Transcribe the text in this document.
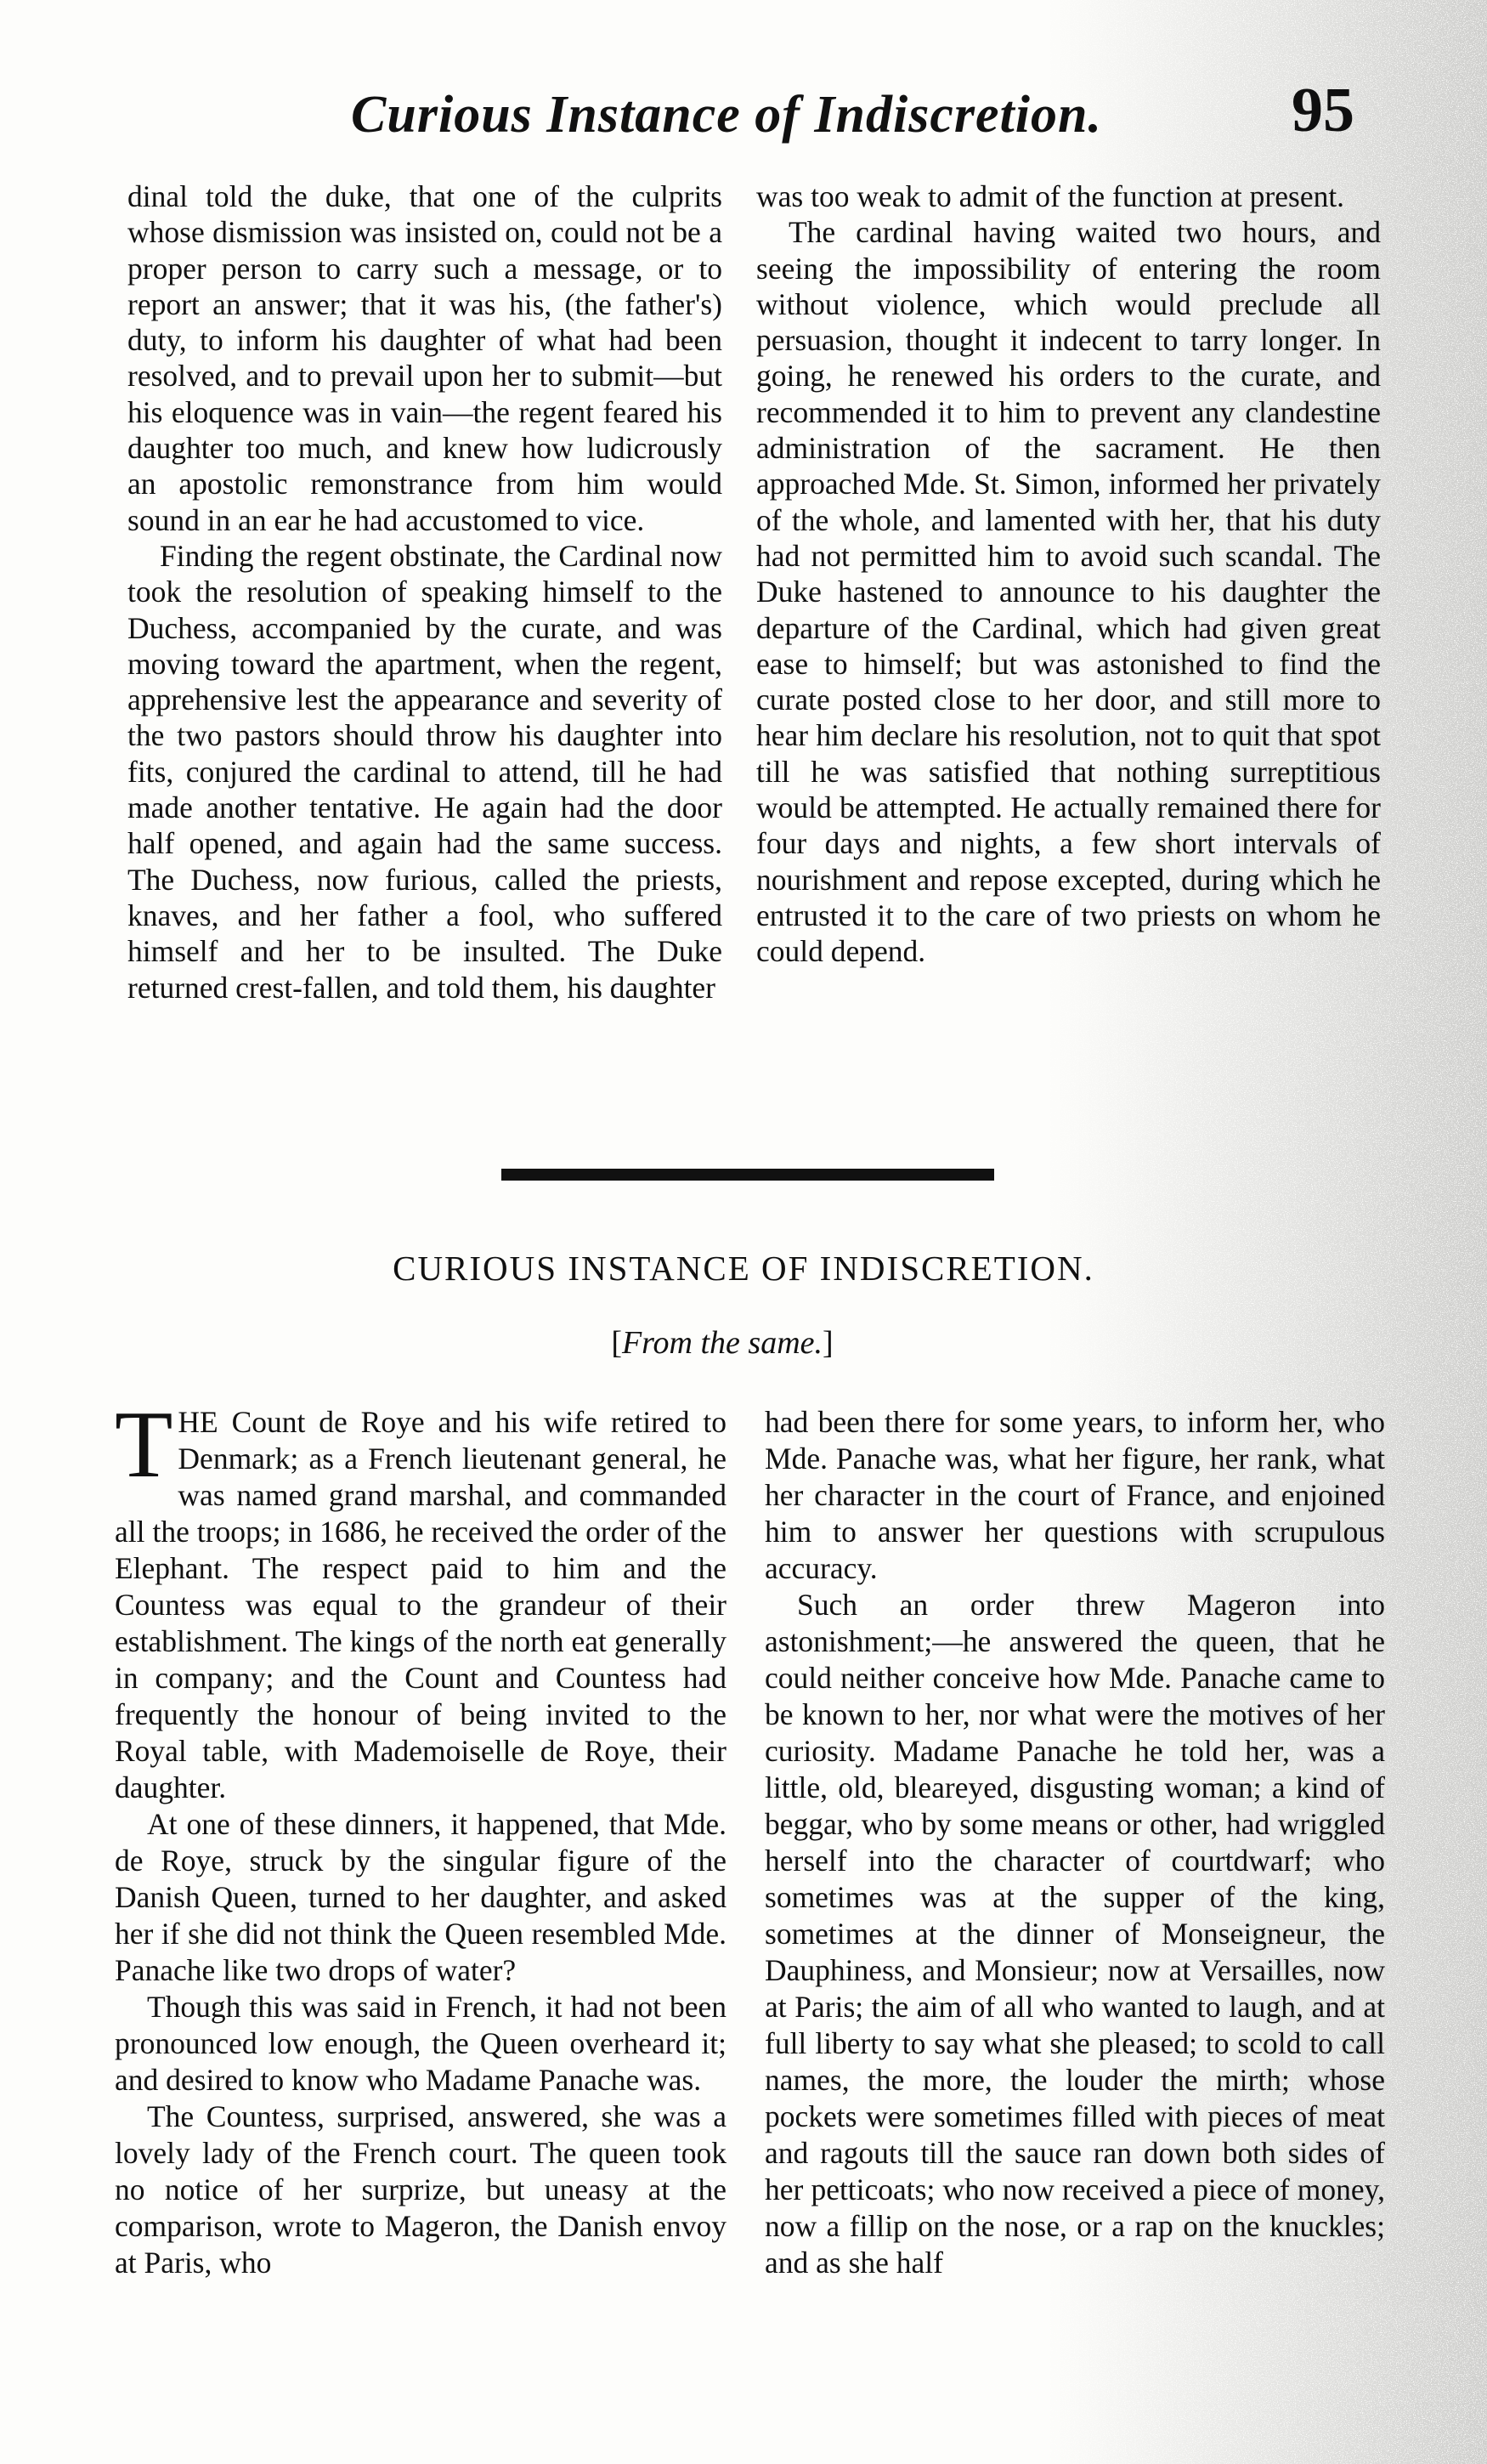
Curious Instance of Indiscretion.	95

dinal told the duke, that one of the culprits whose dismission was insisted on, could not be a proper person to carry such a message, or to report an answer; that it was his, (the father's) duty, to inform his daughter of what had been resolved, and to prevail upon her to submit—but his eloquence was in vain—the regent feared his daughter too much, and knew how ludicrously an apostolic remonstrance from him would sound in an ear he had accustomed to vice.

Finding the regent obstinate, the Cardinal now took the resolution of speaking himself to the Duchess, accompanied by the curate, and was moving toward the apartment, when the regent, apprehensive lest the appearance and severity of the two pastors should throw his daughter into fits, conjured the cardinal to attend, till he had made another tentative. He again had the door half opened, and again had the same success. The Duchess, now furious, called the priests, knaves, and her father a fool, who suffered himself and her to be insulted. The Duke returned crest-fallen, and told them, his daughter

was too weak to admit of the function at present.

The cardinal having waited two hours, and seeing the impossibility of entering the room without violence, which would preclude all persuasion, thought it indecent to tarry longer. In going, he renewed his orders to the curate, and recommended it to him to prevent any clandestine administration of the sacrament. He then approached Mde. St. Simon, informed her privately of the whole, and lamented with her, that his duty had not permitted him to avoid such scandal. The Duke hastened to announce to his daughter the departure of the Cardinal, which had given great ease to himself; but was astonished to find the curate posted close to her door, and still more to hear him declare his resolution, not to quit that spot till he was satisfied that nothing surreptitious would be attempted. He actually remained there for four days and nights, a few short intervals of nourishment and repose excepted, during which he entrusted it to the care of two priests on whom he could depend.

CURIOUS INSTANCE OF INDISCRETION.
[From the same.]

THE Count de Roye and his wife retired to Denmark; as a French lieutenant general, he was named grand marshal, and commanded all the troops; in 1686, he received the order of the Elephant. The respect paid to him and the Countess was equal to the grandeur of their establishment. The kings of the north eat generally in company; and the Count and Countess had frequently the honour of being invited to the Royal table, with Mademoiselle de Roye, their daughter.

At one of these dinners, it happened, that Mde. de Roye, struck by the singular figure of the Danish Queen, turned to her daughter, and asked her if she did not think the Queen resembled Mde. Panache like two drops of water?

Though this was said in French, it had not been pronounced low enough, the Queen overheard it; and desired to know who Madame Panache was.

The Countess, surprised, answered, she was a lovely lady of the French court. The queen took no notice of her surprize, but uneasy at the comparison, wrote to Mageron, the Danish envoy at Paris, who

had been there for some years, to inform her, who Mde. Panache was, what her figure, her rank, what her character in the court of France, and enjoined him to answer her questions with scrupulous accuracy.

Such an order threw Mageron into astonishment;—he answered the queen, that he could neither conceive how Mde. Panache came to be known to her, nor what were the motives of her curiosity. Madame Panache he told her, was a little, old, bleareyed, disgusting woman; a kind of beggar, who by some means or other, had wriggled herself into the character of courtdwarf; who sometimes was at the supper of the king, sometimes at the dinner of Monseigneur, the Dauphiness, and Monsieur; now at Versailles, now at Paris; the aim of all who wanted to laugh, and at full liberty to say what she pleased; to scold to call names, the more, the louder the mirth; whose pockets were sometimes filled with pieces of meat and ragouts till the sauce ran down both sides of her petticoats; who now received a piece of money, now a fillip on the nose, or a rap on the knuckles; and as she half
